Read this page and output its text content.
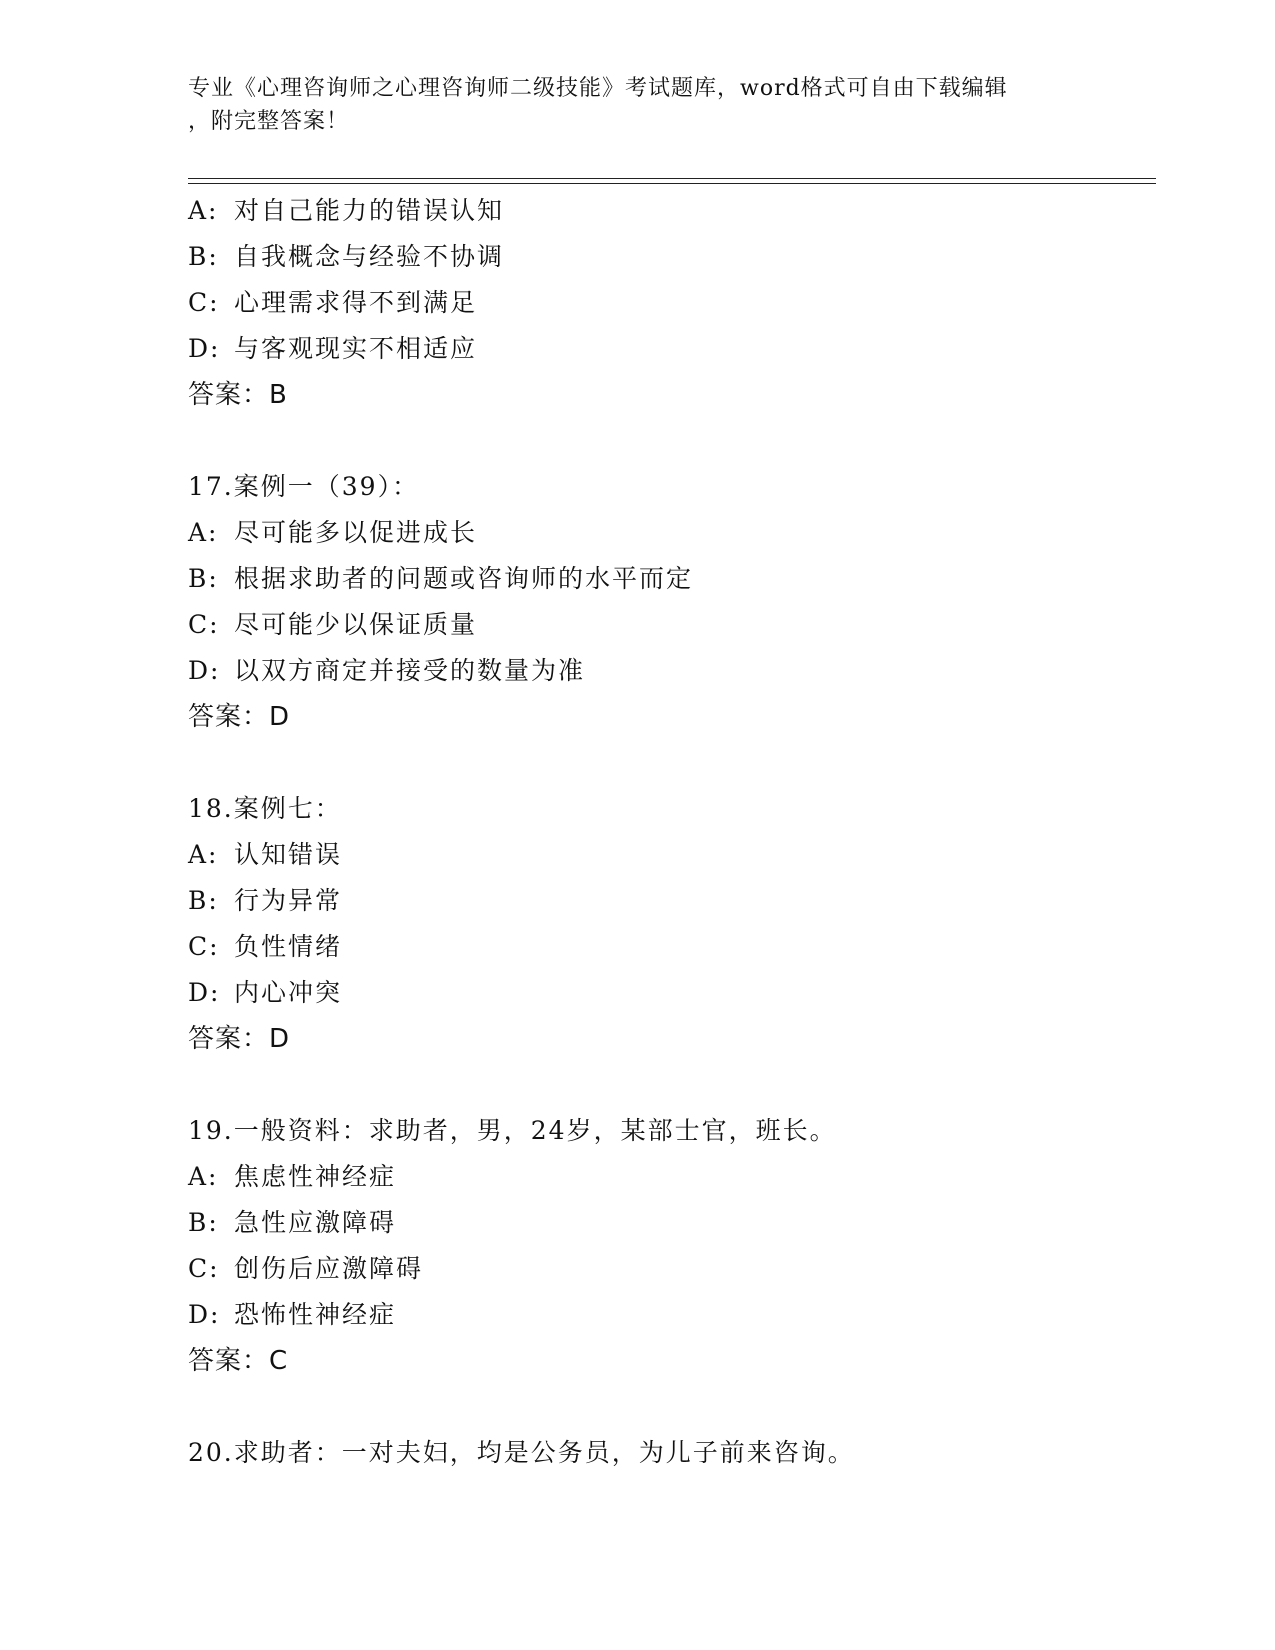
专业《心理咨询师之心理咨询师二级技能》考试题库，word格式可自由下载编辑
，附完整答案！
A: 对自己能力的错误认知
B: 自我概念与经验不协调
C: 心理需求得不到满足
D: 与客观现实不相适应
答案：B
17.案例一（39）：
A: 尽可能多以促进成长
B: 根据求助者的问题或咨询师的水平而定
C: 尽可能少以保证质量
D: 以双方商定并接受的数量为准
答案：D
18.案例七：
A: 认知错误
B: 行为异常
C: 负性情绪
D: 内心冲突
答案：D
19.一般资料：求助者，男，24岁，某部士官，班长。
A: 焦虑性神经症
B: 急性应激障碍
C: 创伤后应激障碍
D: 恐怖性神经症
答案：C
20.求助者：一对夫妇，均是公务员，为儿子前来咨询。
